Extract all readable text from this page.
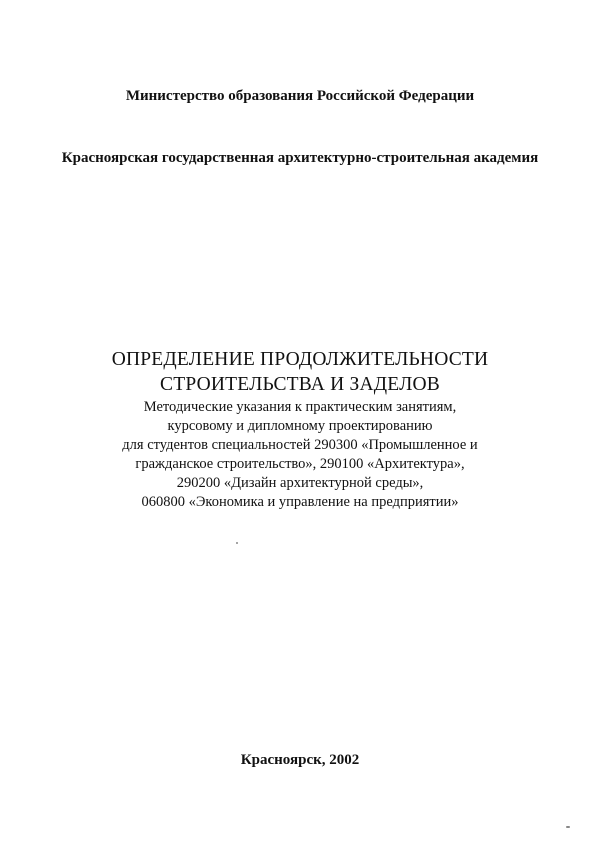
Министерство образования Российской Федерации
Красноярская государственная архитектурно-строительная академия
ОПРЕДЕЛЕНИЕ ПРОДОЛЖИТЕЛЬНОСТИ
СТРОИТЕЛЬСТВА И ЗАДЕЛОВ
Методические указания к практическим занятиям,
курсовому и дипломному проектированию
для студентов специальностей 290300 «Промышленное и
гражданское строительство», 290100 «Архитектура»,
290200 «Дизайн архитектурной среды»,
060800 «Экономика и управление на предприятии»
Красноярск, 2002
